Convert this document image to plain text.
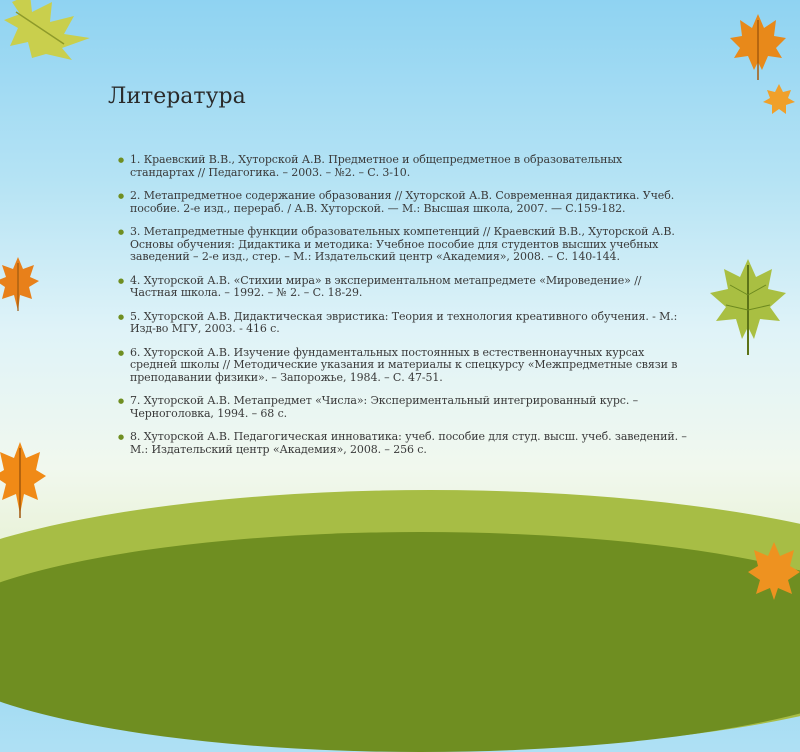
Литература
● 1. Краевский В.В., Хуторской А.В. Предметное и общепредметное в образовательных стандартах // Педагогика. – 2003. – №2. – С. 3-10.
● 2. Метапредметное содержание образования // Хуторской А.В. Современная дидактика. Учеб. пособие. 2-е изд., перераб. / А.В. Хуторской. — М.: Высшая школа, 2007. — С.159-182.
● 3. Метапредметные функции образовательных компетенций // Краевский В.В., Хуторской А.В. Основы обучения: Дидактика и методика: Учебное пособие для студентов высших учебных заведений – 2-е изд., стер. – М.: Издательский центр «Академия», 2008. – С. 140-144.
● 4. Хуторской А.В. «Стихии мира» в экспериментальном метапредмете «Мироведение» // Частная школа. – 1992. – № 2. – С. 18-29.
● 5. Хуторской А.В. Дидактическая эвристика: Теория и технология креативного обучения. - М.: Изд-во МГУ, 2003. - 416 с.
● 6. Хуторской А.В. Изучение фундаментальных постоянных в естественнонаучных курсах средней школы // Методические указания и материалы к спецкурсу «Межпредметные связи в преподавании физики». – Запорожье, 1984. – С. 47-51.
● 7. Хуторской А.В. Метапредмет «Числа»: Экспериментальный интегрированный курс. – Черноголовка, 1994. – 68 с.
● 8. Хуторской А.В. Педагогическая инноватика: учеб. пособие для студ. высш. учеб. заведений. – М.: Издательский центр «Академия», 2008. – 256 с.
